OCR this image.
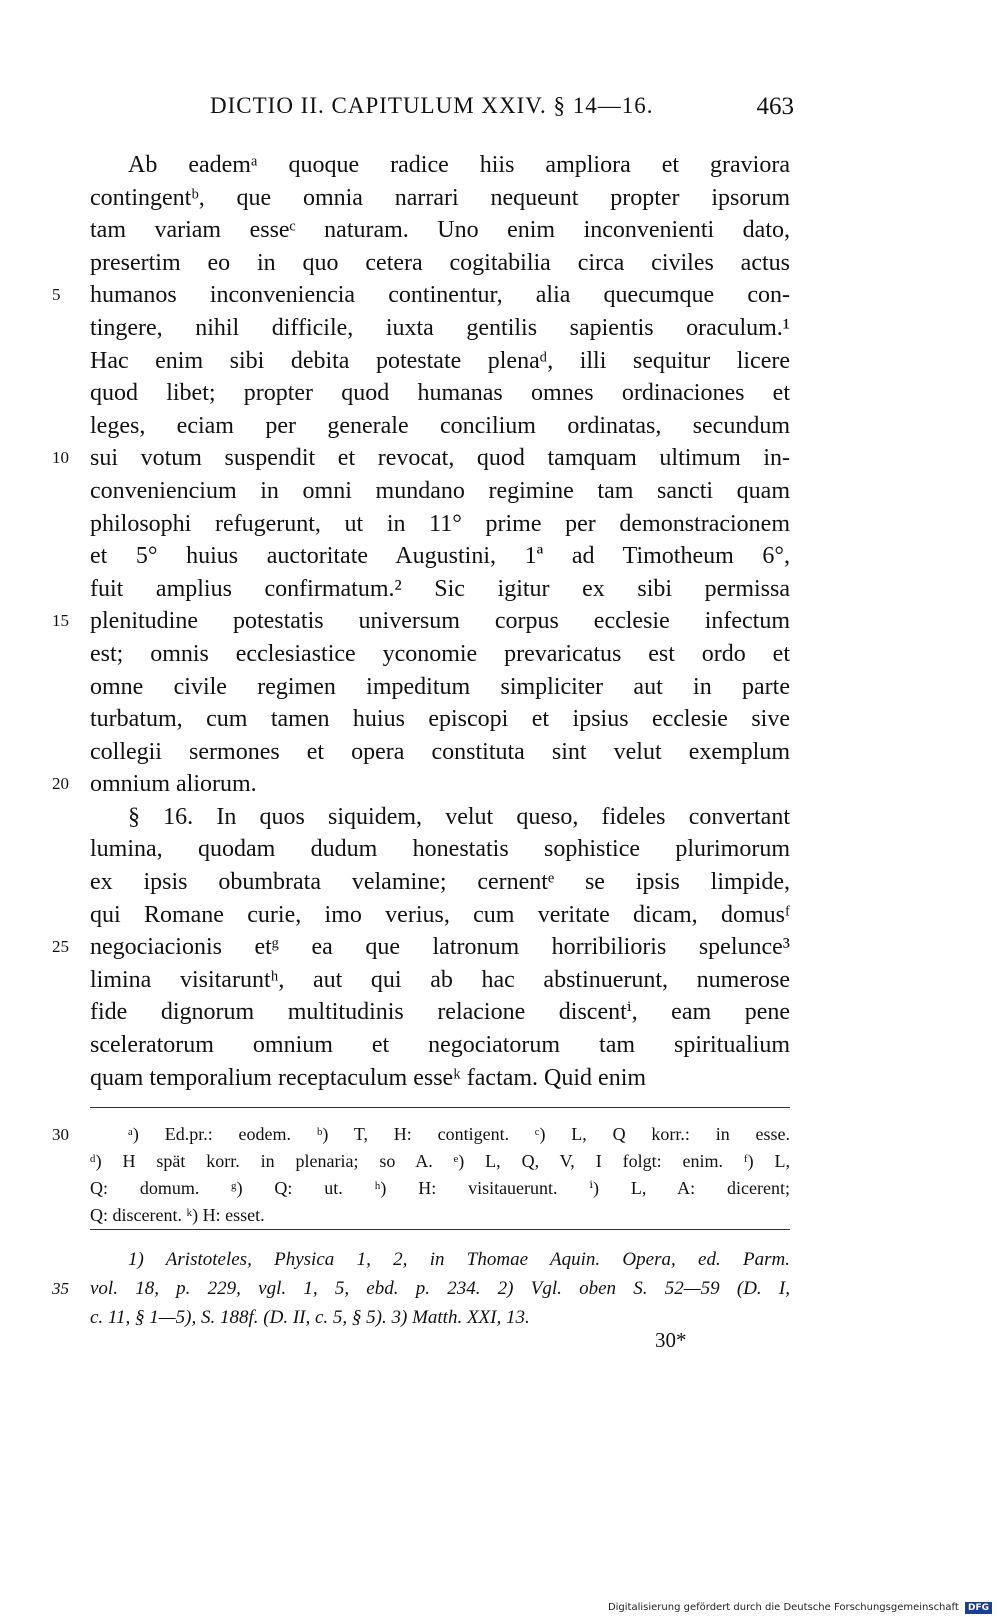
DICTIO II. CAPITULUM XXIV. § 14—16.	463
Ab eademᵃ quoque radice hiis ampliora et graviora
contingentᵇ, que omnia narrari nequeunt propter ipsorum
tam variam esseᶜ naturam. Uno enim inconvenienti dato,
presertim eo in quo cetera cogitabilia circa civiles actus
5	humanos inconveniencia continentur, alia quecumque con-
tingere, nihil difficile, iuxta gentilis sapientis oraculum.¹
Hac enim sibi debita potestate plenaᵈ, illi sequitur licere
quod libet; propter quod humanas omnes ordinaciones et
leges, eciam per generale concilium ordinatas, secundum
10 sui votum suspendit et revocat, quod tamquam ultimum in-
conveniencium in omni mundano regimine tam sancti quam
philosophi refugerunt, ut in 11° prime per demonstracionem
et 5° huius auctoritate Augustini, 1ª ad Timotheum 6°,
fuit amplius confirmatum.² Sic igitur ex sibi permissa
15 plenitudine potestatis universum corpus ecclesie infectum
est; omnis ecclesiastice yconomie prevaricatus est ordo et
omne civile regimen impeditum simpliciter aut in parte
turbatum, cum tamen huius episcopi et ipsius ecclesie sive
collegii sermones et opera constituta sint velut exemplum
20 omnium aliorum.
§ 16. In quos siquidem, velut queso, fideles convertant
lumina, quodam dudum honestatis sophistice plurimorum
ex ipsis obumbrata velamine; cernentᵉ se ipsis limpide,
qui Romane curie, imo verius, cum veritate dicam, domusᶠ
25 negociacionis etᵍ ea que latronum horribilioris spelunce³
limina visitaruntʰ, aut qui ab hac abstinuerunt, numerose
fide dignorum multitudinis relacione discentⁱ, eam pene
sceleratorum omnium et negociatorum tam spiritualium
quam temporalium receptaculum esseᵏ factam. Quid enim
30	ᵃ) Ed.pr.: eodem. ᵇ) T, H: contigent. ᶜ) L, Q korr.: in esse.
ᵈ) H spät korr. in plenaria; so A. ᵉ) L, Q, V, I folgt: enim. ᶠ) L,
Q: domum. ᵍ) Q: ut. ʰ) H: visitauerunt. ⁱ) L, A: dicerent;
Q: discerent. ᵏ) H: esset.
1) Aristoteles, Physica 1, 2, in Thomae Aquin. Opera, ed. Parm.
35	vol. 18, p. 229, vgl. 1, 5, ebd. p. 234. 2) Vgl. oben S. 52—59 (D. I,
c. 11, § 1—5), S. 188f. (D. II, c. 5, § 5). 3) Matth. XXI, 13.
30*
Digitalisierung gefördert durch die Deutsche Forschungsgemeinschaft DFG
